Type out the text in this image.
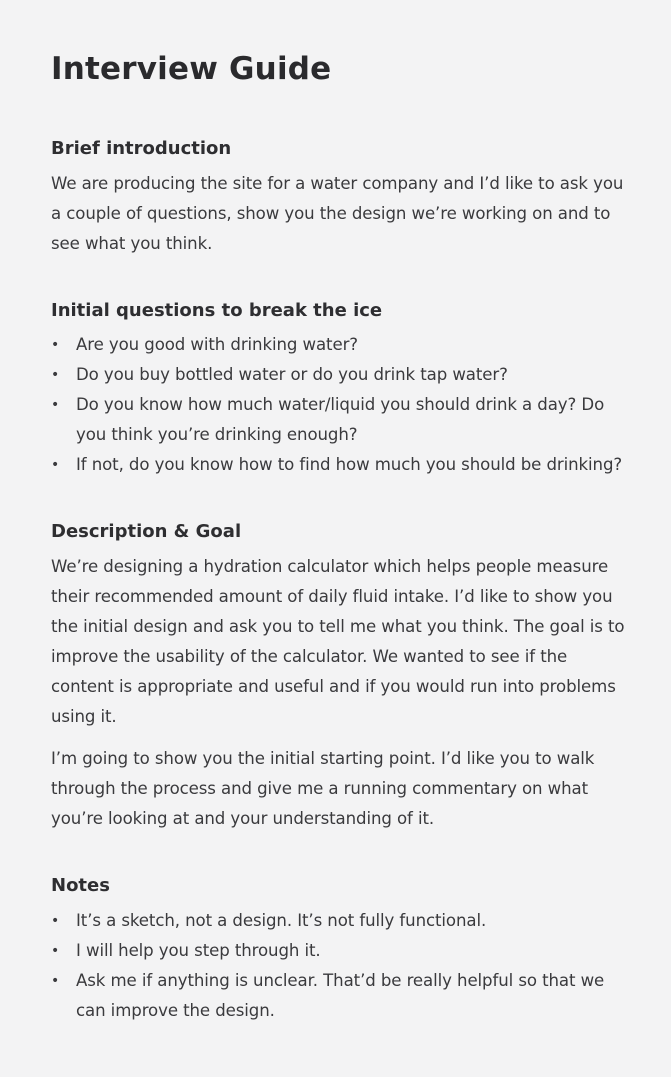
Interview Guide
Brief introduction

We are producing the site for a water company and I’d like to ask you a couple of questions, show you the design we’re working on and to see what you think.

Initial questions to break the ice
• Are you good with drinking water?
• Do you buy bottled water or do you drink tap water?
• Do you know how much water/liquid you should drink a day? Do you think you’re drinking enough?
• If not, do you know how to find how much you should be drinking?
Description & Goal

We’re designing a hydration calculator which helps people measure their recommended amount of daily fluid intake. I’d like to show you the initial design and ask you to tell me what you think. The goal is to improve the usability of the calculator. We wanted to see if the content is appropriate and useful and if you would run into problems using it.

I’m going to show you the initial starting point. I’d like you to walk through the process and give me a running commentary on what you’re looking at and your understanding of it.

Notes
• It’s a sketch, not a design. It’s not fully functional.
• I will help you step through it.
• Ask me if anything is unclear. That’d be really helpful so that we can improve the design.
